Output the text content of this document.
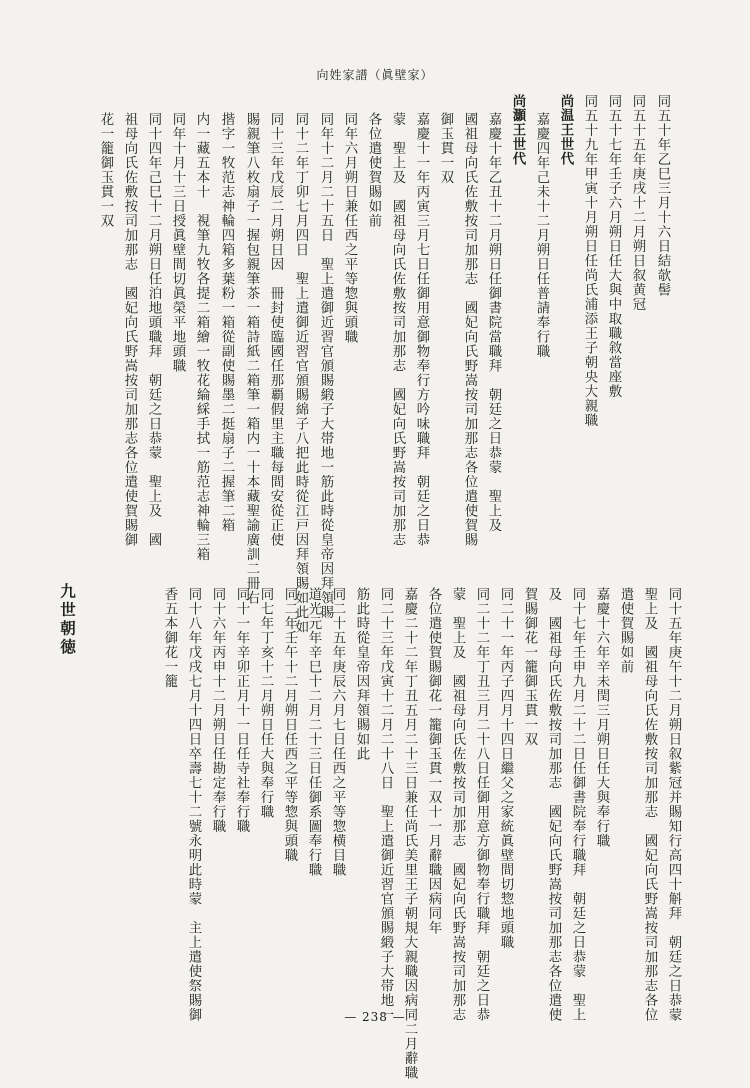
向姓家譜（眞壁家）
同五十年乙巳三月十六日結欹髻
同五十五年庚戌十二月朔日叙黄冠
同五十七年壬子六月朔日任大與中取職敘當座敷
同五十九年甲寅十月朔日任尚氏浦添王子朝央大親職
尚温王世代
嘉慶四年己未十二月朔日任普請奉行職
尚灝王世代
嘉慶十年乙丑十二月朔日任御書院當職拜　朝廷之日恭蒙　聖上及
國祖母向氏佐敷按司加那志　國妃向氏野嵩按司加那志各位遣使賀賜
御玉貫一双
嘉慶十一年丙寅三月七日任御用意御物奉行方吟味職拜　朝廷之日恭
蒙　聖上及　國祖母向氏佐敷按司加那志　國妃向氏野嵩按司加那志
各位遣使賀賜如前
同年六月朔日兼任西之平等惣與頭職
同年十二月二十五日　聖上遣御近習官頒賜緞子大帯地一筋此時從皇帝因拜領賜
同十二年丁卯七月四日　聖上遣御近習官頒賜綿子八把此時從江戸因拜領賜如此如
同十三年戊辰二月朔日因　冊封使臨國任那覇假里主職每間安從正使
賜親筆八枚扇子一握包親筆茶一箱詩紙二箱筆一箱内一十本藏聖諭廣訓二冊右
揩字一牧范志神輪四箱多葉粉一箱從副使賜墨二挺扇子二握筆二箱
内一藏五本十　視筆九牧各提二箱繪一牧花綸綵手拭一筋范志神輪三箱
同年十月十三日授眞壁間切眞榮平地頭職
同十四年己巳十二月朔日任泊地頭職拜　朝廷之日恭蒙　聖上及　國
祖母向氏佐敷按司加那志　國妃向氏野嵩按司加那志各位遣使賀賜御
花一籠御玉貫一双
同十五年庚午十二月朔日叙紫冠并賜知行高四十斛拜　朝廷之日恭蒙
聖上及　國祖母向氏佐敷按司加那志　國妃向氏野嵩按司加那志各位
遣使賀賜如前
嘉慶十六年辛未閏三月朔日任大與奉行職
同十七年壬申九月二十二日任御書院奉行職拜　朝廷之日恭蒙　聖上
及　國祖母向氏佐敷按司加那志　國妃向氏野嵩按司加那志各位遣使
賀賜御花一籠御玉貫一双
同二十一年丙子四月十四日繼父之家統眞壁間切惣地頭職
同二十二年丁丑三月二十八日任御用意方御物奉行職拜　朝廷之日恭
蒙　聖上及　國祖母向氏佐敷按司加那志　國妃向氏野嵩按司加那志
各位遣使賀賜御花一籠御玉貫一双十一月辭職因病同年
嘉慶二十二年丁丑五月二十三日兼任尚氏美里王子朝規大親職因病同二月辭職
同二十三年戊寅十二月二十八日　聖上遣御近習官頒賜緞子大帯地一
筋此時從皇帝因拜領賜如此
同二十五年庚辰六月七日任西之平等惣横目職
道光元年辛巳十二月二十三日任御系圖奉行職
同二年壬午十二月朔日任西之平等惣與頭職
同七年丁亥十二月朔日任大與奉行職
同十一年辛卯正月十一日任寺社奉行職
同十六年丙申十二月朔日任勘定奉行職
同十八年戊戌七月十四日卒壽七十二號永明此時蒙　主上遣使祭賜御
香五本御花一籠
九世朝徳
— 238 —
